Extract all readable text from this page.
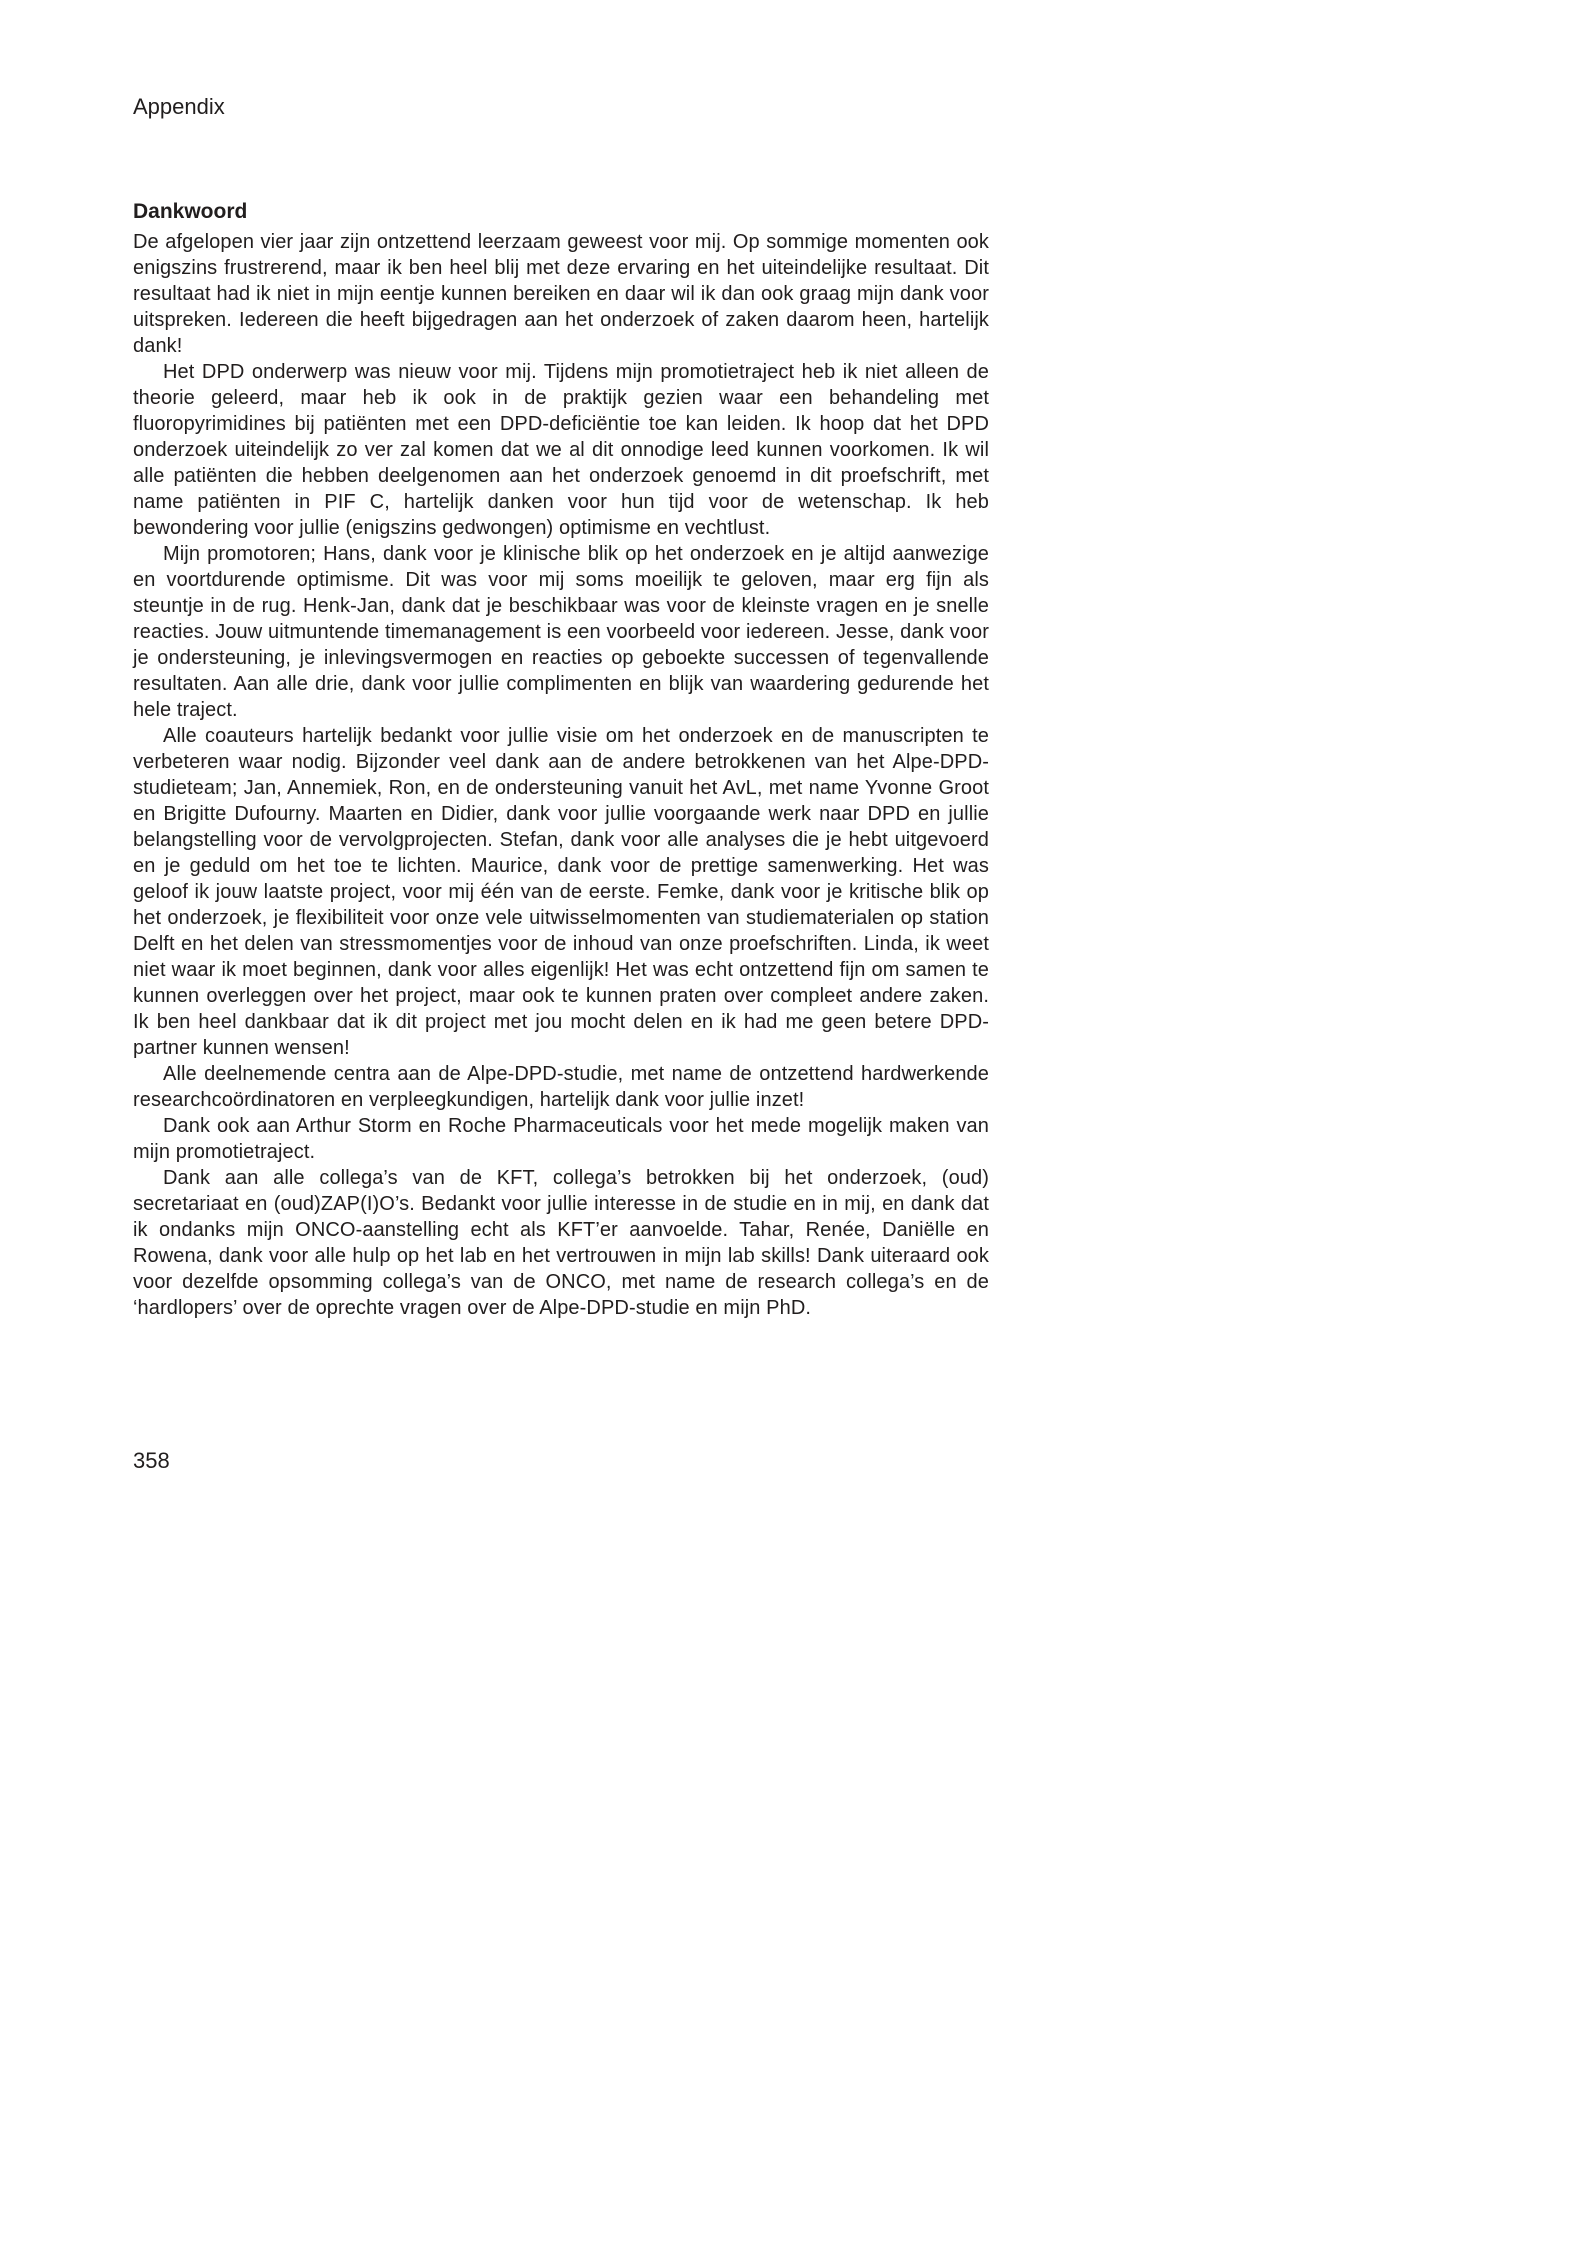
Appendix
Dankwoord

De afgelopen vier jaar zijn ontzettend leerzaam geweest voor mij. Op sommige momenten ook enigszins frustrerend, maar ik ben heel blij met deze ervaring en het uiteindelijke resultaat. Dit resultaat had ik niet in mijn eentje kunnen bereiken en daar wil ik dan ook graag mijn dank voor uitspreken. Iedereen die heeft bijgedragen aan het onderzoek of zaken daarom heen, hartelijk dank!

Het DPD onderwerp was nieuw voor mij. Tijdens mijn promotietraject heb ik niet alleen de theorie geleerd, maar heb ik ook in de praktijk gezien waar een behandeling met fluoropyrimidines bij patiënten met een DPD-deficiëntie toe kan leiden. Ik hoop dat het DPD onderzoek uiteindelijk zo ver zal komen dat we al dit onnodige leed kunnen voorkomen. Ik wil alle patiënten die hebben deelgenomen aan het onderzoek genoemd in dit proefschrift, met name patiënten in PIF C, hartelijk danken voor hun tijd voor de wetenschap. Ik heb bewondering voor jullie (enigszins gedwongen) optimisme en vechtlust.

Mijn promotoren; Hans, dank voor je klinische blik op het onderzoek en je altijd aanwezige en voortdurende optimisme. Dit was voor mij soms moeilijk te geloven, maar erg fijn als steuntje in de rug. Henk-Jan, dank dat je beschikbaar was voor de kleinste vragen en je snelle reacties. Jouw uitmuntende timemanagement is een voorbeeld voor iedereen. Jesse, dank voor je ondersteuning, je inlevingsvermogen en reacties op geboekte successen of tegenvallende resultaten. Aan alle drie, dank voor jullie complimenten en blijk van waardering gedurende het hele traject.

Alle coauteurs hartelijk bedankt voor jullie visie om het onderzoek en de manuscripten te verbeteren waar nodig. Bijzonder veel dank aan de andere betrokkenen van het Alpe-DPD-studieteam; Jan, Annemiek, Ron, en de ondersteuning vanuit het AvL, met name Yvonne Groot en Brigitte Dufourny. Maarten en Didier, dank voor jullie voorgaande werk naar DPD en jullie belangstelling voor de vervolgprojecten. Stefan, dank voor alle analyses die je hebt uitgevoerd en je geduld om het toe te lichten. Maurice, dank voor de prettige samenwerking. Het was geloof ik jouw laatste project, voor mij één van de eerste. Femke, dank voor je kritische blik op het onderzoek, je flexibiliteit voor onze vele uitwisselmomenten van studiematerialen op station Delft en het delen van stressmomentjes voor de inhoud van onze proefschriften. Linda, ik weet niet waar ik moet beginnen, dank voor alles eigenlijk! Het was echt ontzettend fijn om samen te kunnen overleggen over het project, maar ook te kunnen praten over compleet andere zaken. Ik ben heel dankbaar dat ik dit project met jou mocht delen en ik had me geen betere DPD-partner kunnen wensen!

Alle deelnemende centra aan de Alpe-DPD-studie, met name de ontzettend hardwerkende researchcoördinatoren en verpleegkundigen, hartelijk dank voor jullie inzet!

Dank ook aan Arthur Storm en Roche Pharmaceuticals voor het mede mogelijk maken van mijn promotietraject.

Dank aan alle collega’s van de KFT, collega’s betrokken bij het onderzoek, (oud) secretariaat en (oud)ZAP(I)O’s. Bedankt voor jullie interesse in de studie en in mij, en dank dat ik ondanks mijn ONCO-aanstelling echt als KFT’er aanvoelde. Tahar, Renée, Daniëlle en Rowena, dank voor alle hulp op het lab en het vertrouwen in mijn lab skills! Dank uiteraard ook voor dezelfde opsomming collega’s van de ONCO, met name de research collega’s en de ‘hardlopers’ over de oprechte vragen over de Alpe-DPD-studie en mijn PhD.

358
